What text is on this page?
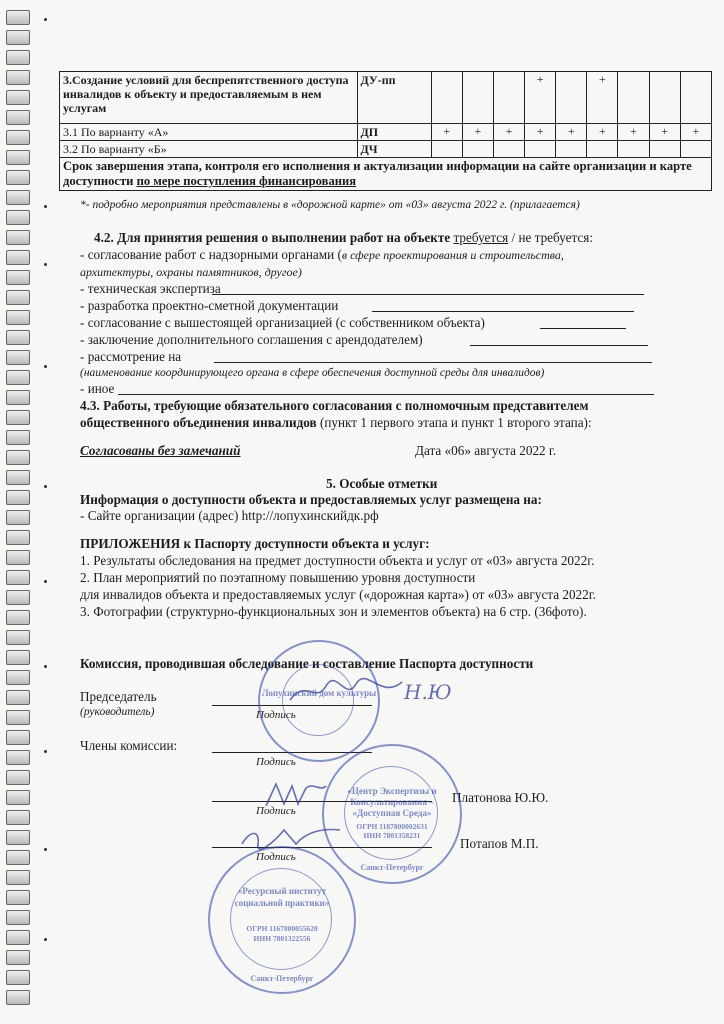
3.Создание условий для беспрепятственного доступа инвалидов к объекту и предоставляемым в нем услугам	ДУ-пп				+		+			
3.1 По варианту «А»	ДП	+	+	+	+	+	+	+	+	+
3.2 По варианту «Б»	ДЧ									
Срок завершения этапа, контроля его исполнения и актуализации информации на сайте организации и карте доступности по мере поступления финансирования										
*- подробно мероприятия представлены в «дорожной карте» от «03» августа 2022 г. (прилагается)
4.2. Для принятия решения о выполнении работ на объекте требуется / не требуется:
- согласование работ с надзорными органами (в сфере проектирования и строительства,
архитектуры, охраны памятников, другое)
- техническая экспертиза
- разработка проектно-сметной документации
- согласование с вышестоящей организацией (с собственником объекта)
- заключение дополнительного соглашения с арендодателем)
- рассмотрение на
(наименование координирующего органа в сфере обеспечения доступной среды для инвалидов)
- иное
4.3. Работы, требующие обязательного согласования с полномочным представителем
общественного объединения инвалидов (пункт 1 первого этапа и пункт 1 второго этапа):
Согласованы без замечаний	Дата «06» августа 2022 г.
5. Особые отметки
Информация о доступности объекта и предоставляемых услуг размещена на:
- Сайте организации (адрес) http://лопухинскийдк.рф
ПРИЛОЖЕНИЯ к Паспорту доступности объекта и услуг:
1. Результаты обследования на предмет доступности объекта и услуг от «03» августа 2022г.
2. План мероприятий по поэтапному повышению уровня доступности
для инвалидов объекта и предоставляемых услуг («дорожная карта») от «03» августа 2022г.
3. Фотографии (структурно-функциональных зон и элементов объекта) на 6 стр. (36фото).
Комиссия, проводившая обследование и составление Паспорта доступности
Председатель
(руководитель)	Подпись
Члены комиссии:
Подпись
Подпись
Платонова Ю.Ю.
Подпись
Потапов М.П.
Н.Ю
Лопухинский дом культуры
«Центр Экспертизы и
Консультирования –
«Доступная Среда»
ОГРН 1187800002631
ИНН 7801358231
Санкт-Петербург
«Ресурсный институт
социальной практики»
ОГРН 1167800055620
ИНН 7801322556
Санкт-Петербург
